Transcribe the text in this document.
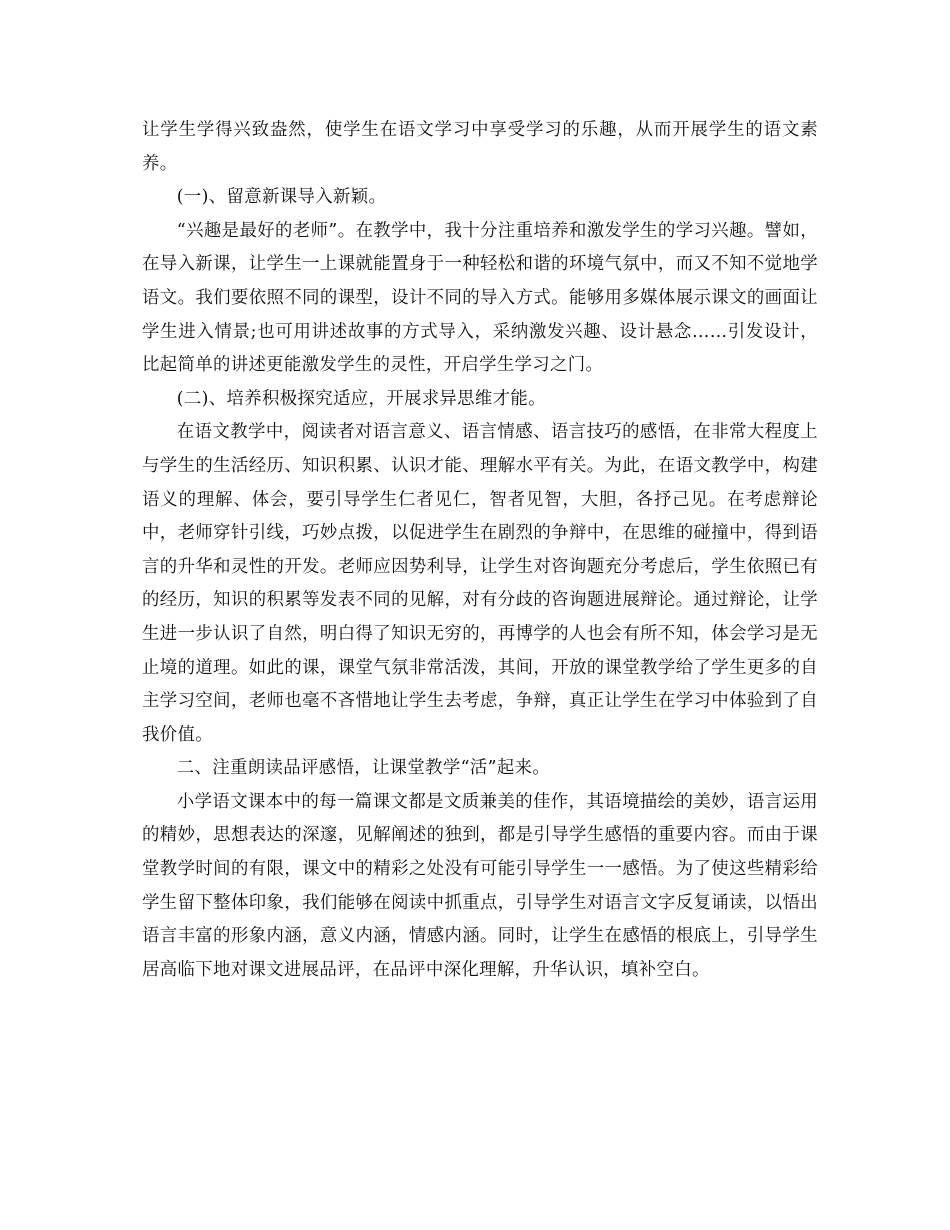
让学生学得兴致盎然，使学生在语文学习中享受学习的乐趣，从而开展学生的语文素养。

(一)、留意新课导入新颖。

“兴趣是最好的老师”。在教学中，我十分注重培养和激发学生的学习兴趣。譬如，在导入新课，让学生一上课就能置身于一种轻松和谐的环境气氛中，而又不知不觉地学语文。我们要依照不同的课型，设计不同的导入方式。能够用多媒体展示课文的画面让学生进入情景;也可用讲述故事的方式导入，采纳激发兴趣、设计悬念……引发设计，比起简单的讲述更能激发学生的灵性，开启学生学习之门。

(二)、培养积极探究适应，开展求异思维才能。

在语文教学中，阅读者对语言意义、语言情感、语言技巧的感悟，在非常大程度上与学生的生活经历、知识积累、认识才能、理解水平有关。为此，在语文教学中，构建语义的理解、体会，要引导学生仁者见仁，智者见智，大胆，各抒己见。在考虑辩论中，老师穿针引线，巧妙点拨，以促进学生在剧烈的争辩中，在思维的碰撞中，得到语言的升华和灵性的开发。老师应因势利导，让学生对咨询题充分考虑后，学生依照已有的经历，知识的积累等发表不同的见解，对有分歧的咨询题进展辩论。通过辩论，让学生进一步认识了自然，明白得了知识无穷的，再博学的人也会有所不知，体会学习是无止境的道理。如此的课，课堂气氛非常活泼，其间，开放的课堂教学给了学生更多的自主学习空间，老师也毫不吝惜地让学生去考虑，争辩，真正让学生在学习中体验到了自我价值。

二、注重朗读品评感悟，让课堂教学“活”起来。

小学语文课本中的每一篇课文都是文质兼美的佳作，其语境描绘的美妙，语言运用的精妙，思想表达的深邃，见解阐述的独到，都是引导学生感悟的重要内容。而由于课堂教学时间的有限，课文中的精彩之处没有可能引导学生一一感悟。为了使这些精彩给学生留下整体印象，我们能够在阅读中抓重点，引导学生对语言文字反复诵读，以悟出语言丰富的形象内涵，意义内涵，情感内涵。同时，让学生在感悟的根底上，引导学生居高临下地对课文进展品评，在品评中深化理解，升华认识，填补空白。
